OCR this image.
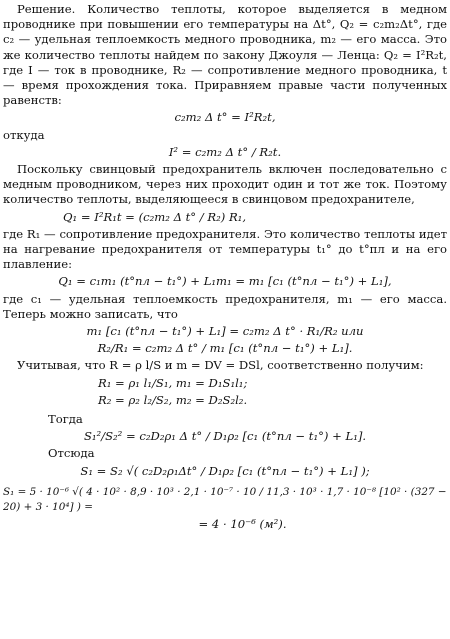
Решение. Количество теплоты, которое выделяется в медном проводнике при повышении его температуры на Δt°, Q₂ = c₂m₂Δt°, где c₂ — удельная теплоемкость медного проводника, m₂ — его масса. Это же количество теплоты найдем по закону Джоуля — Ленца: Q₂ = I²R₂t, где I — ток в проводнике, R₂ — сопротивление медного проводника, t — время прохождения тока. Приравняем правые части полученных равенств:

c₂m₂ Δ t° = I²R₂t,

откуда

I² = c₂m₂ Δ t° / R₂t.

Поскольку свинцовый предохранитель включен последовательно с медным проводником, через них проходит один и тот же ток. Поэтому количество теплоты, выделяющееся в свинцовом предохранителе,

Q₁ = I²R₁t = (c₂m₂ Δ t° / R₂) R₁,

где R₁ — сопротивление предохранителя. Это количество теплоты идет на нагревание предохранителя от температуры t₁° до t°пл и на его плавление:

Q₁ = c₁m₁ (t°пл − t₁°) + L₁m₁ = m₁ [c₁ (t°пл − t₁°) + L₁],

где c₁ — удельная теплоемкость предохранителя, m₁ — его масса. Теперь можно записать, что

m₁ [c₁ (t°пл − t₁°) + L₁] = c₂m₂ Δ t° · R₁/R₂ или
R₂/R₁ = c₂m₂ Δ t° / m₁ [c₁ (t°пл − t₁°) + L₁].

Учитывая, что R = ρ l/S и m = DV = DSl, соответственно получим:

R₁ = ρ₁ l₁/S₁, m₁ = D₁S₁l₁;
R₂ = ρ₂ l₂/S₂, m₂ = D₂S₂l₂.

Тогда

S₁²/S₂² = c₂D₂ρ₁ Δ t° / D₁ρ₂ [c₁ (t°пл − t₁°) + L₁].

Отсюда

S₁ = S₂ √( c₂D₂ρ₁Δt° / D₁ρ₂ [c₁ (t°пл − t₁°) + L₁] );
S₁ = 5 · 10⁻⁶ √( 4 · 10² · 8,9 · 10³ · 2,1 · 10⁻⁷ · 10 / 11,3 · 10³ · 1,7 · 10⁻⁸ [10² · (327 − 20) + 3 · 10⁴] ) =
= 4 · 10⁻⁶ (м²).
